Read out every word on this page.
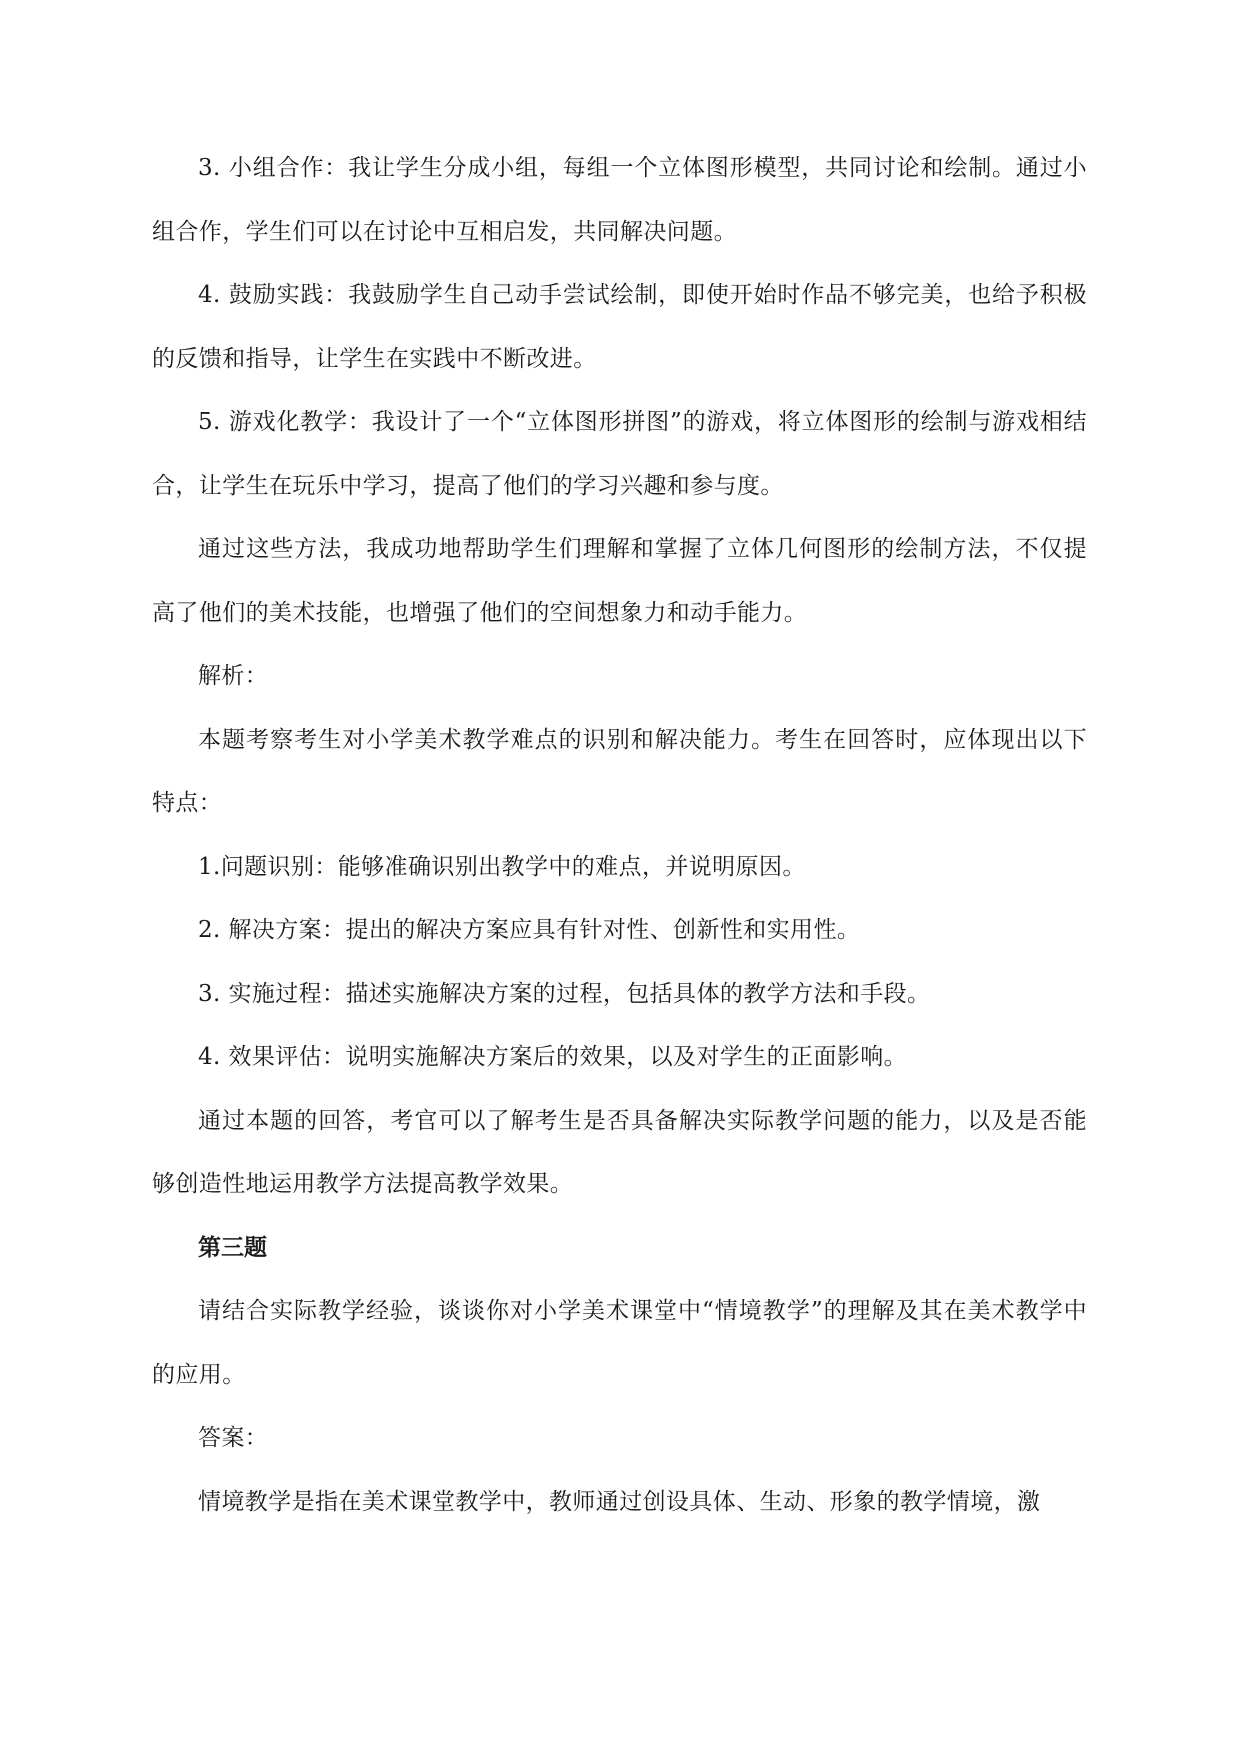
3. 小组合作：我让学生分成小组，每组一个立体图形模型，共同讨论和绘制。通过小组合作，学生们可以在讨论中互相启发，共同解决问题。

4. 鼓励实践：我鼓励学生自己动手尝试绘制，即使开始时作品不够完美，也给予积极的反馈和指导，让学生在实践中不断改进。

5. 游戏化教学：我设计了一个“立体图形拼图”的游戏，将立体图形的绘制与游戏相结合，让学生在玩乐中学习，提高了他们的学习兴趣和参与度。

通过这些方法，我成功地帮助学生们理解和掌握了立体几何图形的绘制方法，不仅提高了他们的美术技能，也增强了他们的空间想象力和动手能力。

解析：

本题考察考生对小学美术教学难点的识别和解决能力。考生在回答时，应体现出以下特点：

1.问题识别：能够准确识别出教学中的难点，并说明原因。

2. 解决方案：提出的解决方案应具有针对性、创新性和实用性。

3. 实施过程：描述实施解决方案的过程，包括具体的教学方法和手段。

4. 效果评估：说明实施解决方案后的效果，以及对学生的正面影响。

通过本题的回答，考官可以了解考生是否具备解决实际教学问题的能力，以及是否能够创造性地运用教学方法提高教学效果。

第三题

请结合实际教学经验，谈谈你对小学美术课堂中“情境教学”的理解及其在美术教学中的应用。

答案：

情境教学是指在美术课堂教学中，教师通过创设具体、生动、形象的教学情境，激
